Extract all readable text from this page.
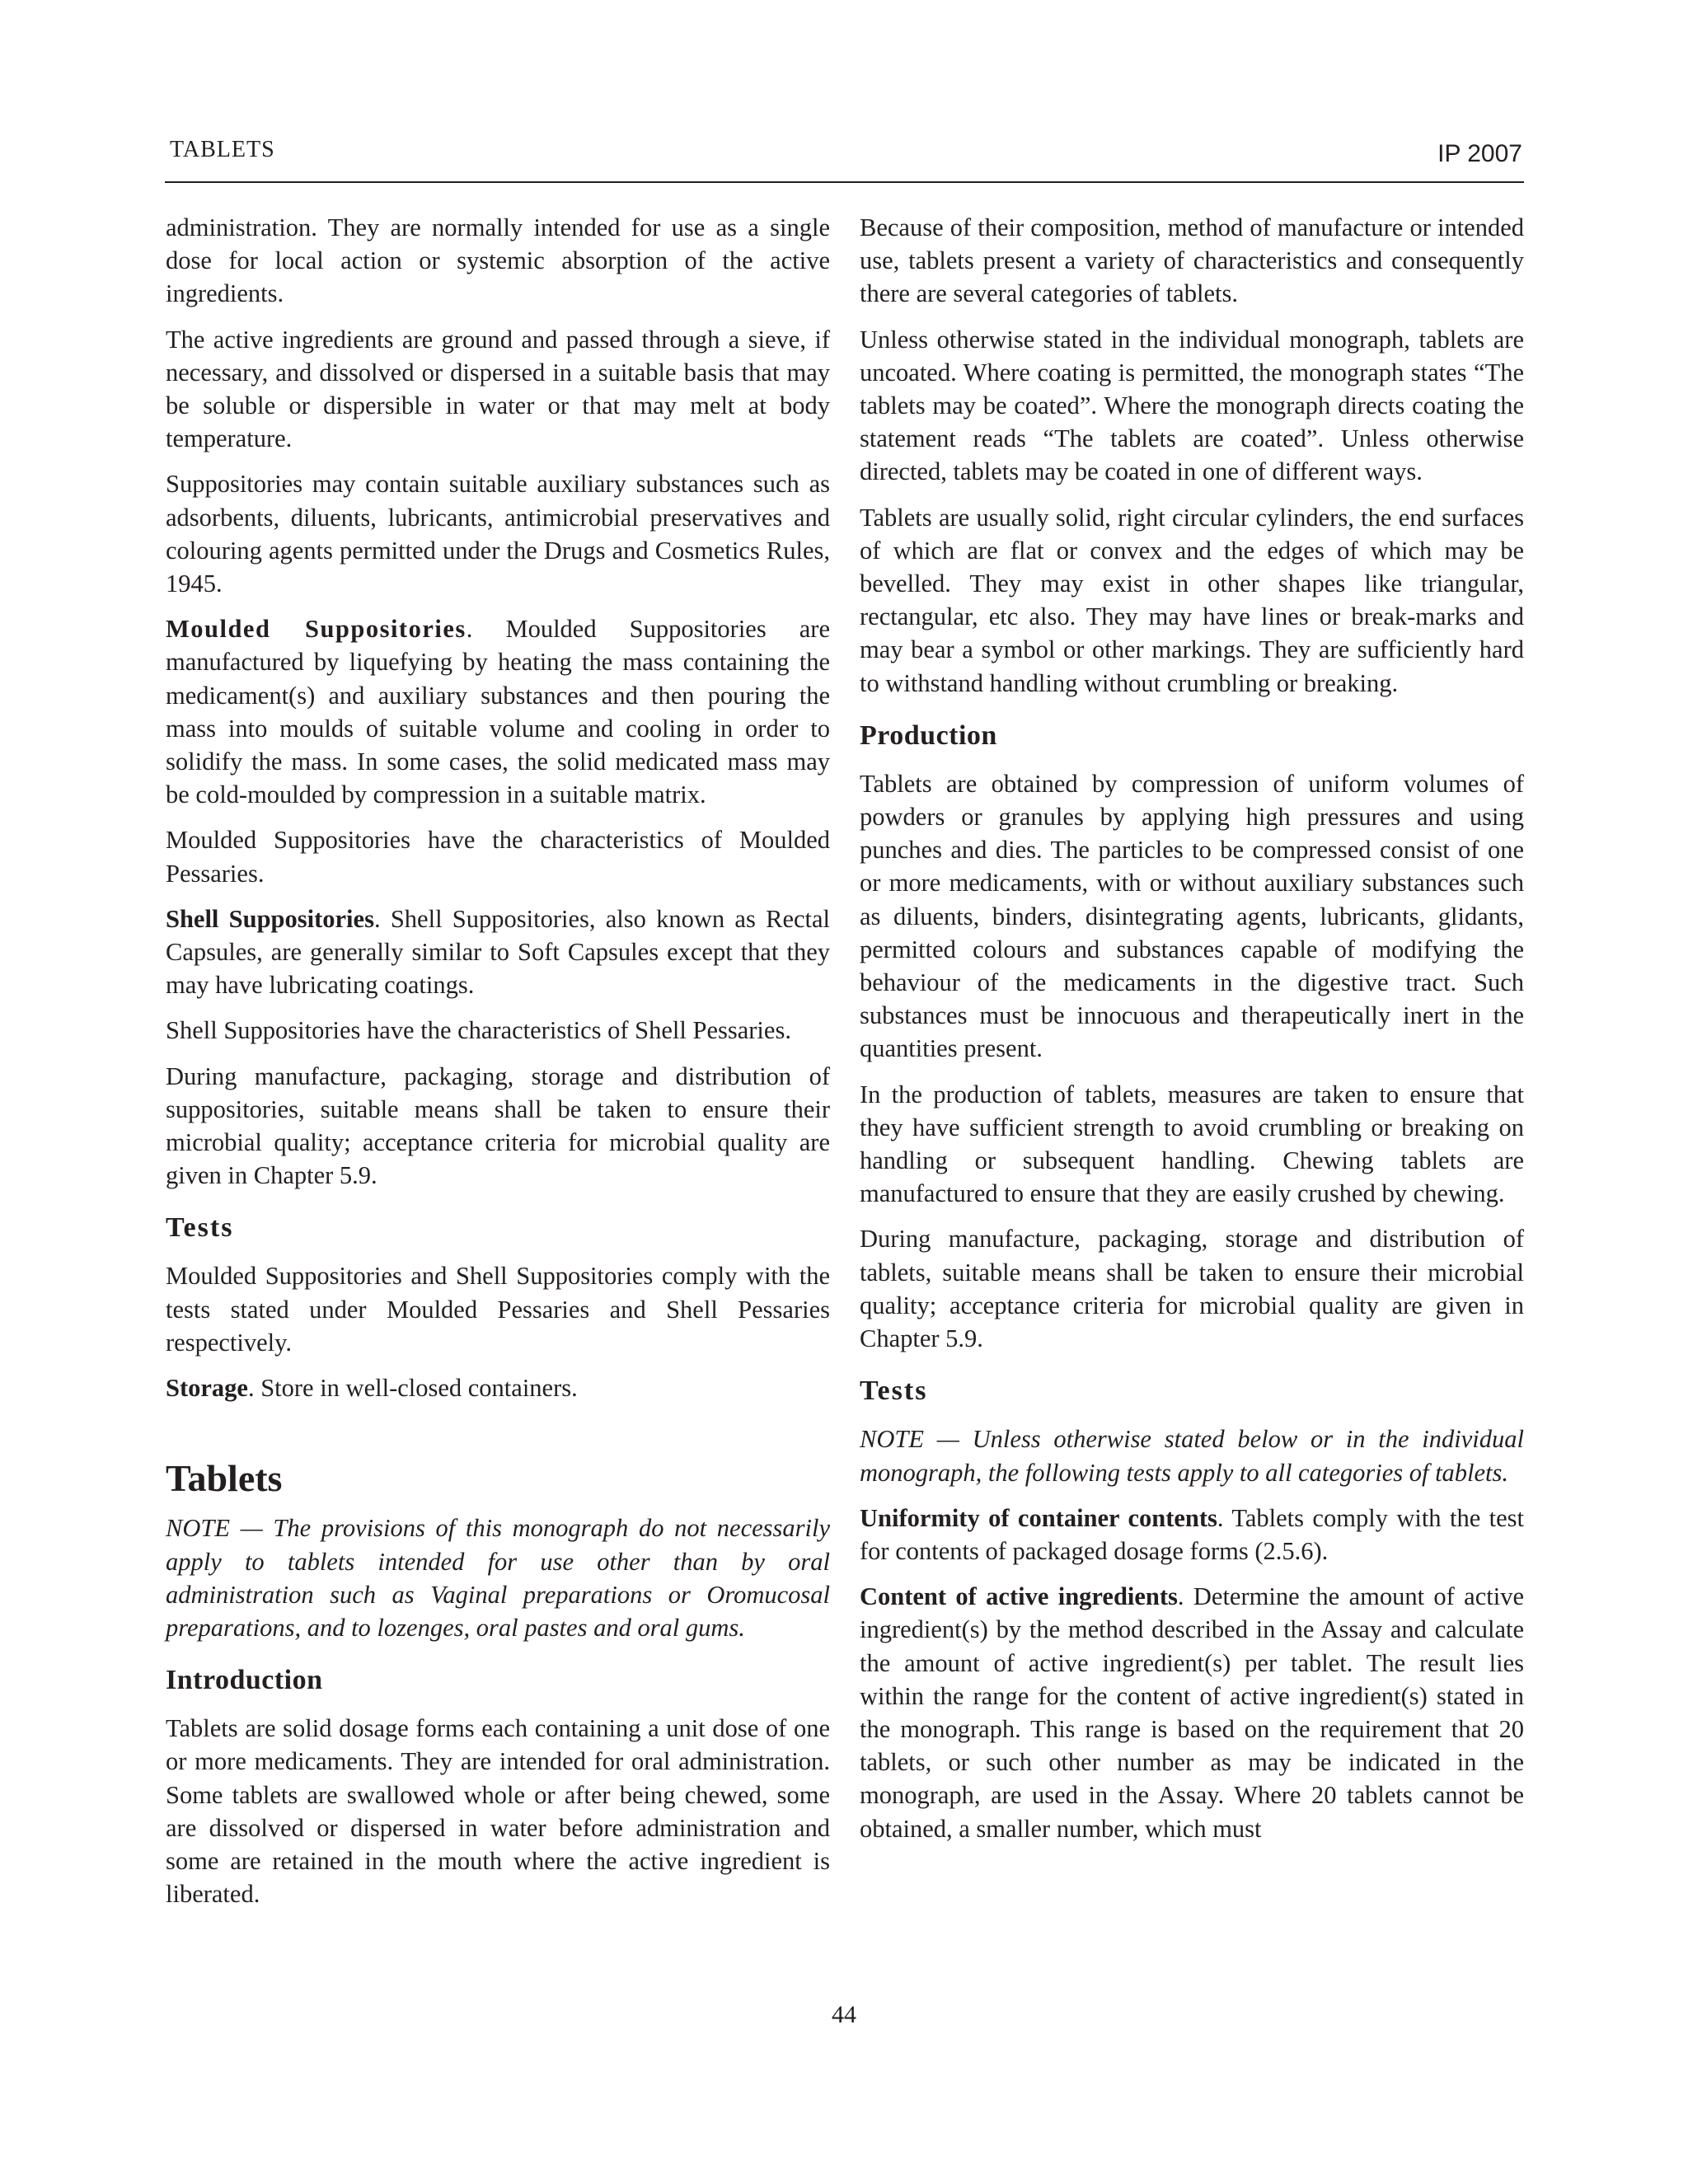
TABLETS	IP 2007

administration. They are normally intended for use as a single dose for local action or systemic absorption of the active ingredients.

The active ingredients are ground and passed through a sieve, if necessary, and dissolved or dispersed in a suitable basis that may be soluble or dispersible in water or that may melt at body temperature.

Suppositories may contain suitable auxiliary substances such as adsorbents, diluents, lubricants, antimicrobial preservatives and colouring agents permitted under the Drugs and Cosmetics Rules, 1945.

Moulded Suppositories. Moulded Suppositories are manufactured by liquefying by heating the mass containing the medicament(s) and auxiliary substances and then pouring the mass into moulds of suitable volume and cooling in order to solidify the mass. In some cases, the solid medicated mass may be cold-moulded by compression in a suitable matrix.

Moulded Suppositories have the characteristics of Moulded Pessaries.

Shell Suppositories. Shell Suppositories, also known as Rectal Capsules, are generally similar to Soft Capsules except that they may have lubricating coatings.

Shell Suppositories have the characteristics of Shell Pessaries.

During manufacture, packaging, storage and distribution of suppositories, suitable means shall be taken to ensure their microbial quality; acceptance criteria for microbial quality are given in Chapter 5.9.

Tests

Moulded Suppositories and Shell Suppositories comply with the tests stated under Moulded Pessaries and Shell Pessaries respectively.

Storage. Store in well-closed containers.

Tablets

NOTE — The provisions of this monograph do not necessarily apply to tablets intended for use other than by oral administration such as Vaginal preparations or Oromucosal preparations, and to lozenges, oral pastes and oral gums.

Introduction

Tablets are solid dosage forms each containing a unit dose of one or more medicaments. They are intended for oral administration. Some tablets are swallowed whole or after being chewed, some are dissolved or dispersed in water before administration and some are retained in the mouth where the active ingredient is liberated.

Because of their composition, method of manufacture or intended use, tablets present a variety of characteristics and consequently there are several categories of tablets.

Unless otherwise stated in the individual monograph, tablets are uncoated. Where coating is permitted, the monograph states “The tablets may be coated”. Where the monograph directs coating the statement reads “The tablets are coated”. Unless otherwise directed, tablets may be coated in one of different ways.

Tablets are usually solid, right circular cylinders, the end surfaces of which are flat or convex and the edges of which may be bevelled. They may exist in other shapes like triangular, rectangular, etc also. They may have lines or break-marks and may bear a symbol or other markings. They are sufficiently hard to withstand handling without crumbling or breaking.

Production

Tablets are obtained by compression of uniform volumes of powders or granules by applying high pressures and using punches and dies. The particles to be compressed consist of one or more medicaments, with or without auxiliary substances such as diluents, binders, disintegrating agents, lubricants, glidants, permitted colours and substances capable of modifying the behaviour of the medicaments in the digestive tract. Such substances must be innocuous and therapeutically inert in the quantities present.

In the production of tablets, measures are taken to ensure that they have sufficient strength to avoid crumbling or breaking on handling or subsequent handling. Chewing tablets are manufactured to ensure that they are easily crushed by chewing.

During manufacture, packaging, storage and distribution of tablets, suitable means shall be taken to ensure their microbial quality; acceptance criteria for microbial quality are given in Chapter 5.9.

Tests

NOTE — Unless otherwise stated below or in the individual monograph, the following tests apply to all categories of tablets.

Uniformity of container contents. Tablets comply with the test for contents of packaged dosage forms (2.5.6).

Content of active ingredients. Determine the amount of active ingredient(s) by the method described in the Assay and calculate the amount of active ingredient(s) per tablet. The result lies within the range for the content of active ingredient(s) stated in the monograph. This range is based on the requirement that 20 tablets, or such other number as may be indicated in the monograph, are used in the Assay. Where 20 tablets cannot be obtained, a smaller number, which must

44
